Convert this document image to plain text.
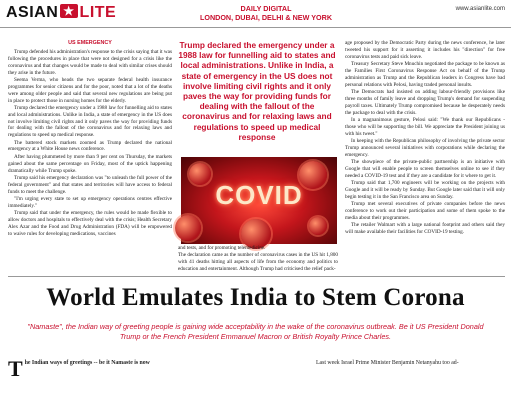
ASIAN ★ LITE	DAILY DIGITAL
LONDON, DUBAI, DELHI & NEW YORK
www.asianlite.com
US EMERGENCY

Trump defended his administration's response to the crisis saying that it was following the procedures in place that were not designed for a crisis like the coronavirus and that changes would be made to deal with similar crises should they arise in the future.

Seema Verma, who heads the two separate federal health insurance programmes for senior citizens and for the poor, noted that a lot of the deaths were among older people and said that several new regulations are being put in place to protect those in nursing homes for the elderly.

Trump declared the emergency under a 1988 law for funnelling aid to states and local administrations. Unlike in India, a state of emergency in the US does not involve limiting civil rights and it only paves the way for providing funds for dealing with the fallout of the coronavirus and for relaxing laws and regulations to speed up medical response.

The battered stock markets zoomed as Trump declared the national emergency at a White House news conference.

After having plummeted by more than 9 per cent on Thursday, the markets gained about the same percentage on Friday, most of the uptick happening dramatically while Trump spoke.

Trump said his emergency declaration was "to unleash the full power of the federal government" and that states and territories will have access to federal funds to meet the challenge.

"I'm urging every state to set up emergency operations centres effective immediately."

Trump said that under the emergency, the rules would be made flexible to allow doctors and hospitals to effectively deal with the crisis; Health Secretary Alex Azar and the Food and Drug Administration (FDA) will be empowered to waive rules for developing medications, vaccines

Trump declared the emergency under a 1988 law for funnelling aid to states and local administrations. Unlike in India, a state of emergency in the US does not involve limiting civil rights and it only paves the way for providing funds for dealing with the fallout of the coronavirus and for relaxing laws and regulations to speed up medical response
COVID
and tests, and for promoting telemedicine.
The declaration came as the number of coronavirus cases in the US hit 1,800 with 41 deaths hitting all aspects of life from the economy and politics to education and entertainment. Although Trump had criticised the relief pack-

age proposed by the Democratic Party during the news conference, he later tweeted his support for it asserting it includes his "direction" for free coronavirus tests and paid sick leave.

Treasury Secretary Steve Mnuchin negotiated the package to be known as the Families First Coronavirus Response Act on behalf of the Trump administration as Trump and the Republican leaders in Congress have bad personal relations with Pelosi, having traded personal insults.

The Democrats had insisted on adding labour-friendly provisions like three months of family leave and dropping Trump's demand for suspending payroll taxes. Ultimately Trump compromised because he desperately needs the package to deal with the crisis.

In a magnanimous gesture, Pelosi said: "We thank our Republicans - those who will be supporting the bill. We appreciate the President joining us with his tweet."

In keeping with the Republican philosophy of involving the private sector Trump announced several initiatives with corporations while declaring the emergency.

The showpiece of the private-public partnership is an initiative with Google that will enable people to screen themselves online to see if they needed a COVID-19 test and if they are a candidate for it where to get it.

Trump said that 1,700 engineers will be working on the projects with Google and it will be ready by Sunday. But Google later said that it will only begin testing it in the San Francisco area on Sunday.

Trump met several executives of private companies before the news conference to work out their participation and some of them spoke to the media about their programmes.

The retailer Walmart with a large national footprint and others said they will make available their facilities for COVID-19 testing.

World Emulates India to Stem Corona
"Namaste", the Indian way of greeting people is gaining wide acceptability in the wake of the coronavirus outbreak. Be it US President Donald Trump or the French President Emmanuel Macron or British Royalty Prince Charles.
T he Indian ways of greetings -- be it Namaste is now	Last week Israel Prime Minister Benjamin Netanyahu too ad-
